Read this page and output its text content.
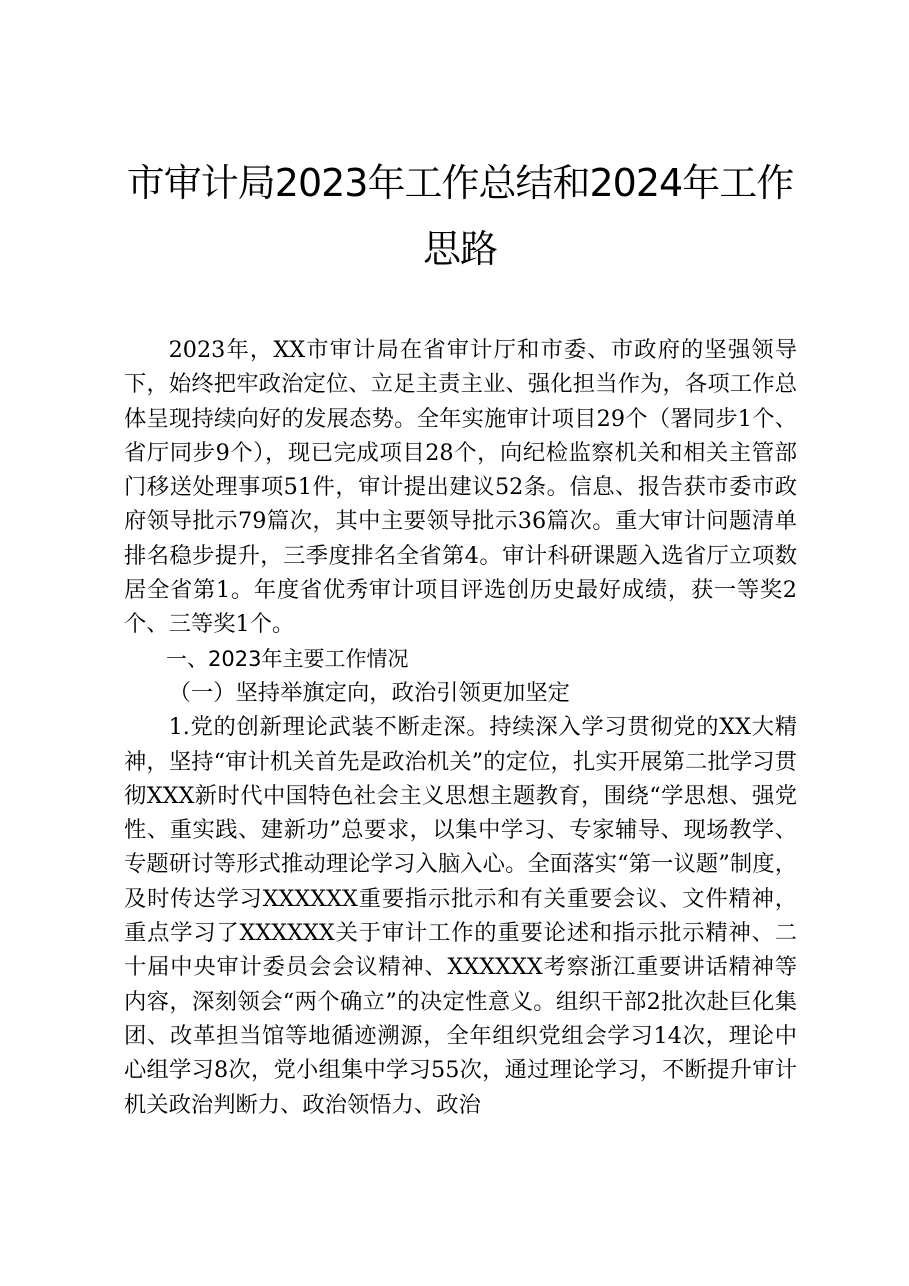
市审计局2023年工作总结和2024年工作思路

2023年，XX市审计局在省审计厅和市委、市政府的坚强领导下，始终把牢政治定位、立足主责主业、强化担当作为，各项工作总体呈现持续向好的发展态势。全年实施审计项目29个（署同步1个、省厅同步9个），现已完成项目28个，向纪检监察机关和相关主管部门移送处理事项51件，审计提出建议52条。信息、报告获市委市政府领导批示79篇次，其中主要领导批示36篇次。重大审计问题清单排名稳步提升，三季度排名全省第4。审计科研课题入选省厅立项数居全省第1。年度省优秀审计项目评选创历史最好成绩，获一等奖2个、三等奖1个。

一、2023年主要工作情况
（一）坚持举旗定向，政治引领更加坚定

1.党的创新理论武装不断走深。持续深入学习贯彻党的XX大精神，坚持“审计机关首先是政治机关”的定位，扎实开展第二批学习贯彻XXX新时代中国特色社会主义思想主题教育，围绕“学思想、强党性、重实践、建新功”总要求，以集中学习、专家辅导、现场教学、专题研讨等形式推动理论学习入脑入心。全面落实“第一议题”制度，及时传达学习XXXXXX重要指示批示和有关重要会议、文件精神，重点学习了XXXXXX关于审计工作的重要论述和指示批示精神、二十届中央审计委员会会议精神、XXXXXX考察浙江重要讲话精神等内容，深刻领会“两个确立”的决定性意义。组织干部2批次赴巨化集团、改革担当馆等地循迹溯源，全年组织党组会学习14次，理论中心组学习8次，党小组集中学习55次，通过理论学习，不断提升审计机关政治判断力、政治领悟力、政治
